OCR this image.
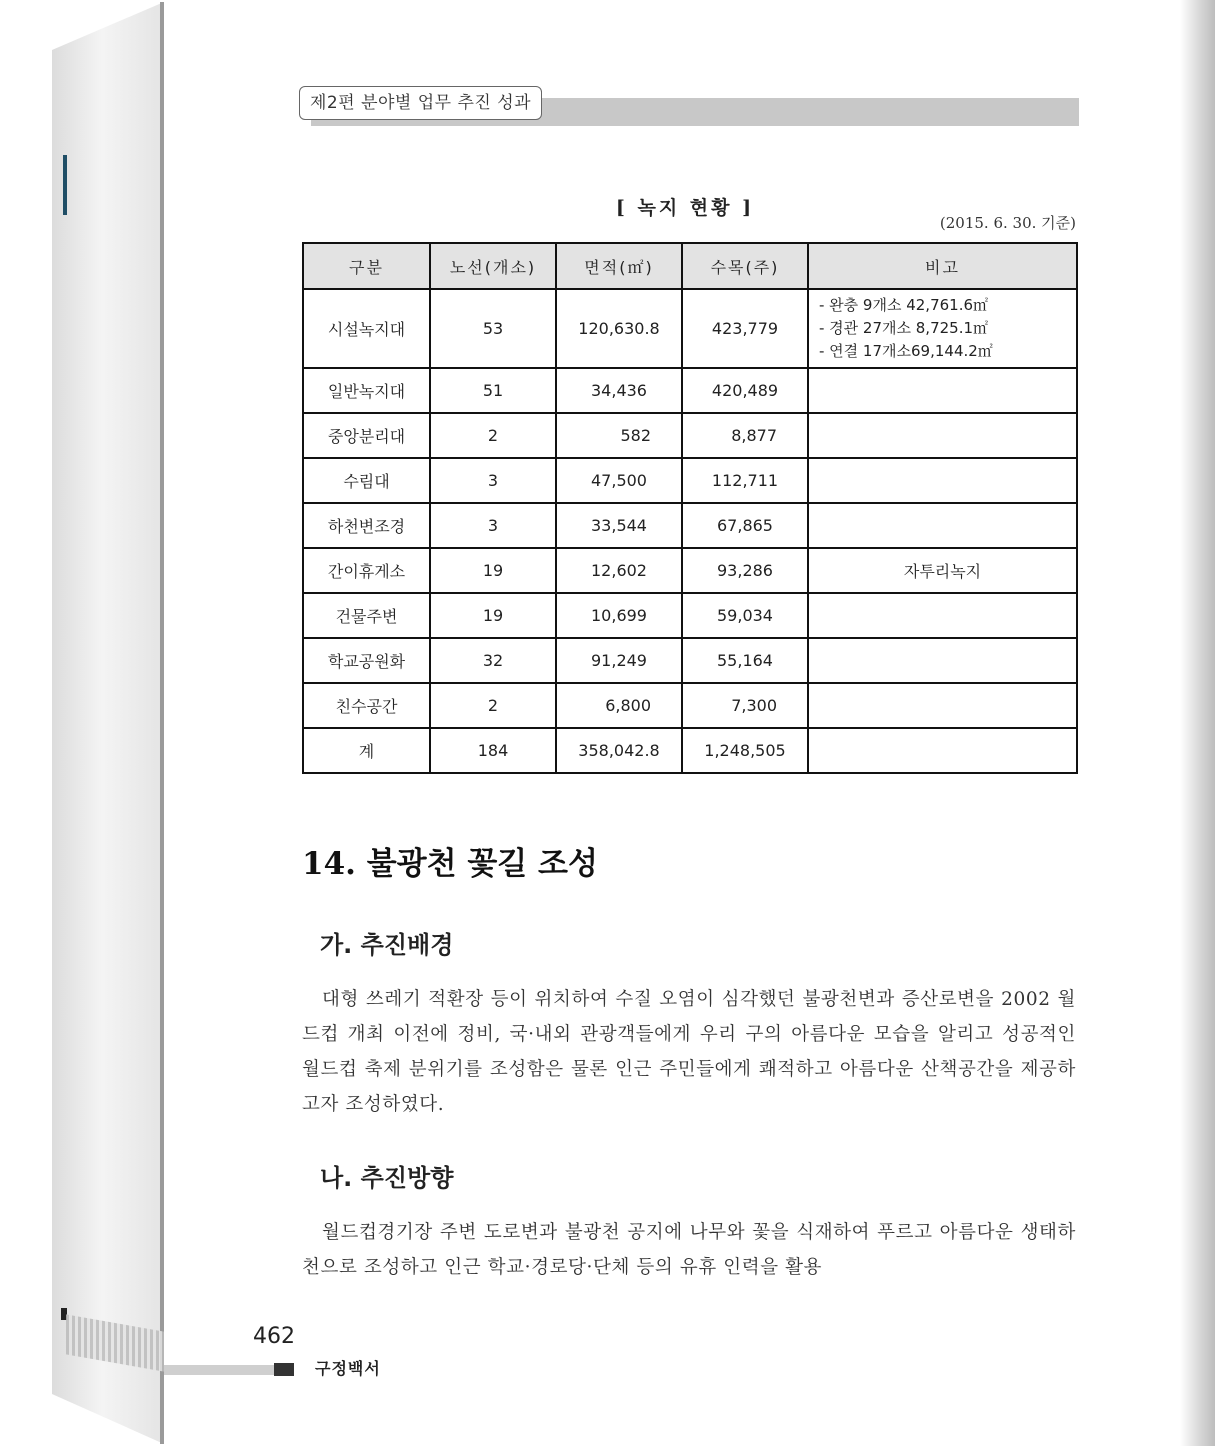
제2편 분야별 업무 추진 성과
[ 녹지 현황 ]
(2015. 6. 30. 기준)
구분	노선(개소)	면적(㎡)	수목(주)	비고
시설녹지대	53	120,630.8	423,779	- 완충 9개소 42,761.6㎡
- 경관 27개소 8,725.1㎡
- 연결 17개소69,144.2㎡

일반녹지대	51	34,436	420,489	
중앙분리대	2	582	8,877	
수림대	3	47,500	112,711	
하천변조경	3	33,544	67,865	
간이휴게소	19	12,602	93,286	자투리녹지
건물주변	19	10,699	59,034	
학교공원화	32	91,249	55,164	
친수공간	2	6,800	7,300	
계	184	358,042.8	1,248,505	
14. 불광천 꽃길 조성
가. 추진배경

대형 쓰레기 적환장 등이 위치하여 수질 오염이 심각했던 불광천변과 증산로변을 2002 월드컵 개최 이전에 정비, 국·내외 관광객들에게 우리 구의 아름다운 모습을 알리고 성공적인 월드컵 축제 분위기를 조성함은 물론 인근 주민들에게 쾌적하고 아름다운 산책공간을 제공하고자 조성하였다.

나. 추진방향

월드컵경기장 주변 도로변과 불광천 공지에 나무와 꽃을 식재하여 푸르고 아름다운 생태하천으로 조성하고 인근 학교·경로당·단체 등의 유휴 인력을 활용

462
구정백서
